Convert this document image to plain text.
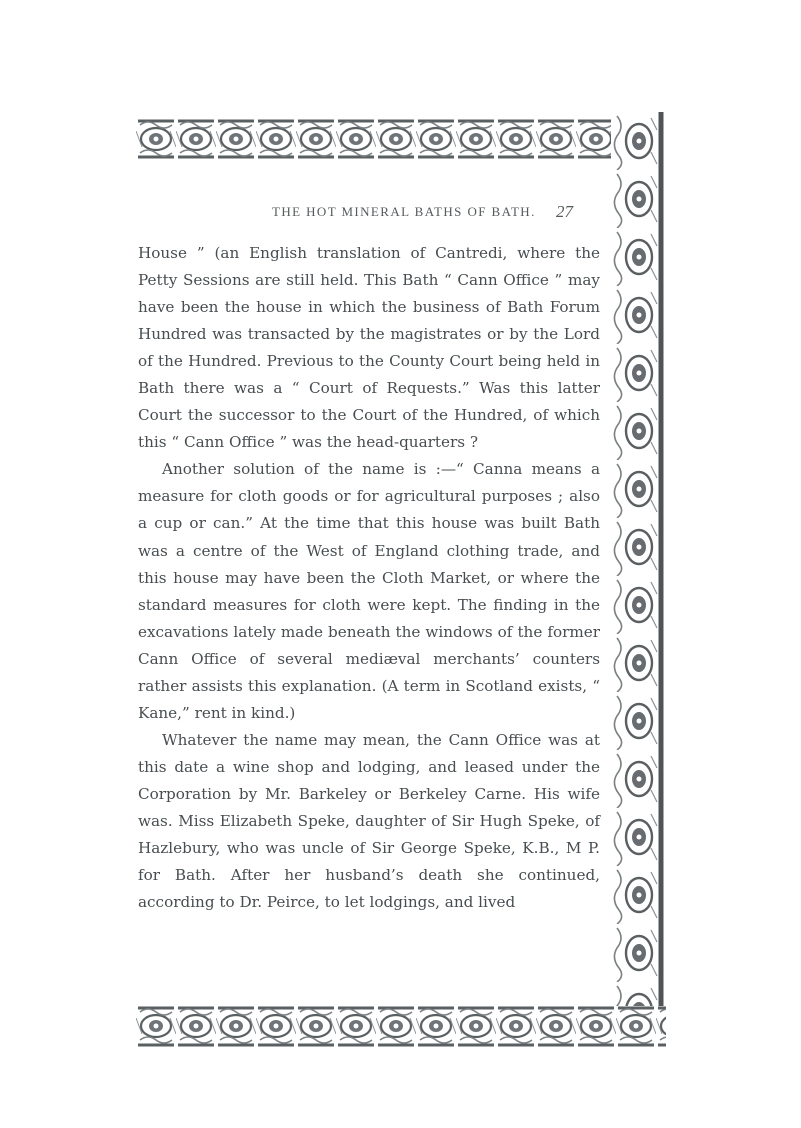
THE HOT MINERAL BATHS OF BATH. 27

House ” (an English translation of Cantredi, where the Petty Sessions are still held. This Bath “ Cann Office ” may have been the house in which the business of Bath Forum Hundred was transacted by the magistrates or by the Lord of the Hundred. Previous to the County Court being held in Bath there was a “ Court of Requests.” Was this latter Court the successor to the Court of the Hundred, of which this “ Cann Office ” was the head-quarters ?

Another solution of the name is :—“ Canna means a measure for cloth goods or for agricultural purposes ; also a cup or can.” At the time that this house was built Bath was a centre of the West of England clothing trade, and this house may have been the Cloth Market, or where the standard measures for cloth were kept. The finding in the excavations lately made beneath the windows of the former Cann Office of several mediæval merchants’ counters rather assists this explanation. (A term in Scotland exists, “ Kane,” rent in kind.)

Whatever the name may mean, the Cann Office was at this date a wine shop and lodging, and leased under the Corporation by Mr. Barkeley or Berkeley Carne. His wife was. Miss Elizabeth Speke, daughter of Sir Hugh Speke, of Hazlebury, who was uncle of Sir George Speke, K.B., M P. for Bath. After her husband’s death she continued, according to Dr. Peirce, to let lodgings, and lived
